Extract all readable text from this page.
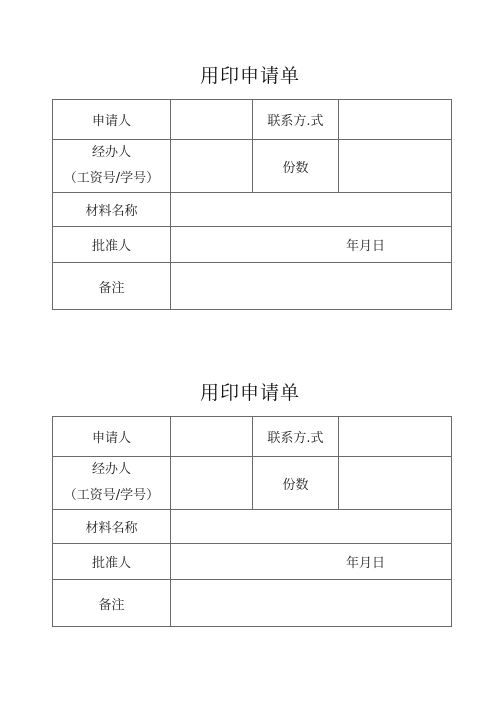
用印申请单
申请人		联系方.式	

经办人
（工资号/学号）		份数	
材料名称			
批准人	年月日		
备注			
用印申请单
申请人		联系方.式	

经办人
（工资号/学号）		份数	
材料名称			
批准人	年月日		
备注			
